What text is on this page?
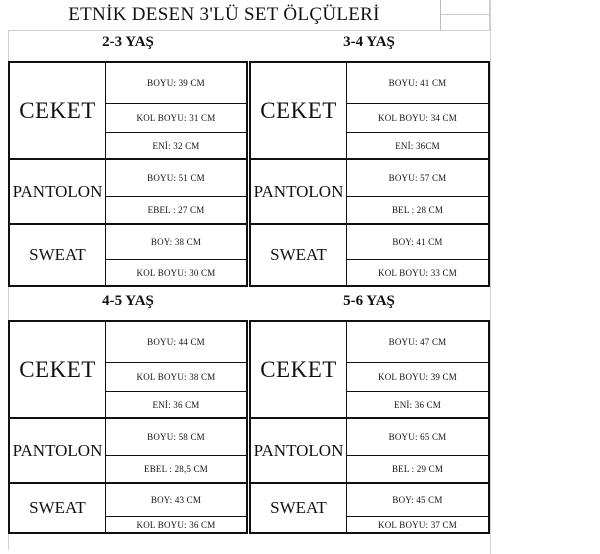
ETNİK DESEN 3'LÜ SET ÖLÇÜLERİ
2-3 YAŞ
CEKET
BOYU: 39 CM
KOL BOYU: 31 CM
ENİ: 32 CM
PANTOLON
BOYU: 51 CM
EBEL : 27 CM
SWEAT
BOY: 38 CM
KOL BOYU: 30 CM
3-4 YAŞ
CEKET
BOYU: 41 CM
KOL BOYU: 34 CM
ENİ: 36CM
PANTOLON
BOYU: 57 CM
BEL : 28 CM
SWEAT
BOY: 41 CM
KOL BOYU: 33 CM
4-5 YAŞ
CEKET
BOYU: 44 CM
KOL BOYU: 38 CM
ENİ: 36 CM
PANTOLON
BOYU: 58 CM
EBEL : 28,5 CM
SWEAT	BOY: 43 CM
KOL BOYU: 36 CM
5-6 YAŞ
CEKET
BOYU: 47 CM
KOL BOYU: 39 CM
ENİ: 36 CM
PANTOLON
BOYU: 65 CM
BEL : 29 CM
SWEAT	BOY: 45 CM
KOL BOYU: 37 CM
